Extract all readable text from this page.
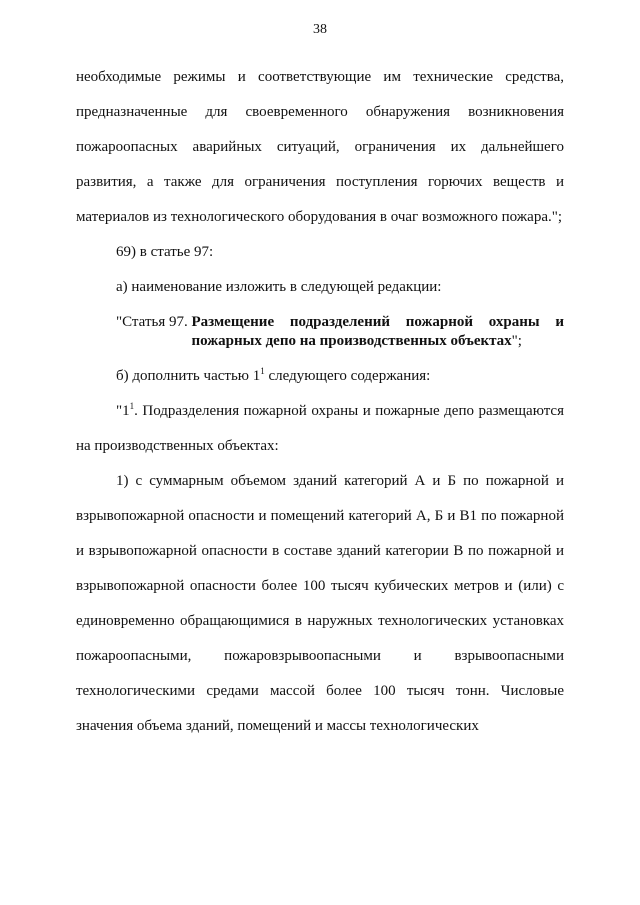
38

необходимые режимы и соответствующие им технические средства, предназначенные для своевременного обнаружения возникновения пожароопасных аварийных ситуаций, ограничения их дальнейшего развития, а также для ограничения поступления горючих веществ и материалов из технологического оборудования в очаг возможного пожара.";

69) в статье 97:

а) наименование изложить в следующей редакции:

"Статья 97. Размещение подразделений пожарной охраны и пожарных депо на производственных объектах";

б) дополнить частью $1^1$ следующего содержания:

"$1^1$. Подразделения пожарной охраны и пожарные депо размещаются на производственных объектах:

1) с суммарным объемом зданий категорий А и Б по пожарной и взрывопожарной опасности и помещений категорий А, Б и В1 по пожарной и взрывопожарной опасности в составе зданий категории В по пожарной и взрывопожарной опасности более 100 тысяч кубических метров и (или) с единовременно обращающимися в наружных технологических установках пожароопасными, пожаровзрывоопасными и взрывоопасными технологическими средами массой более 100 тысяч тонн. Числовые значения объема зданий, помещений и массы технологических
